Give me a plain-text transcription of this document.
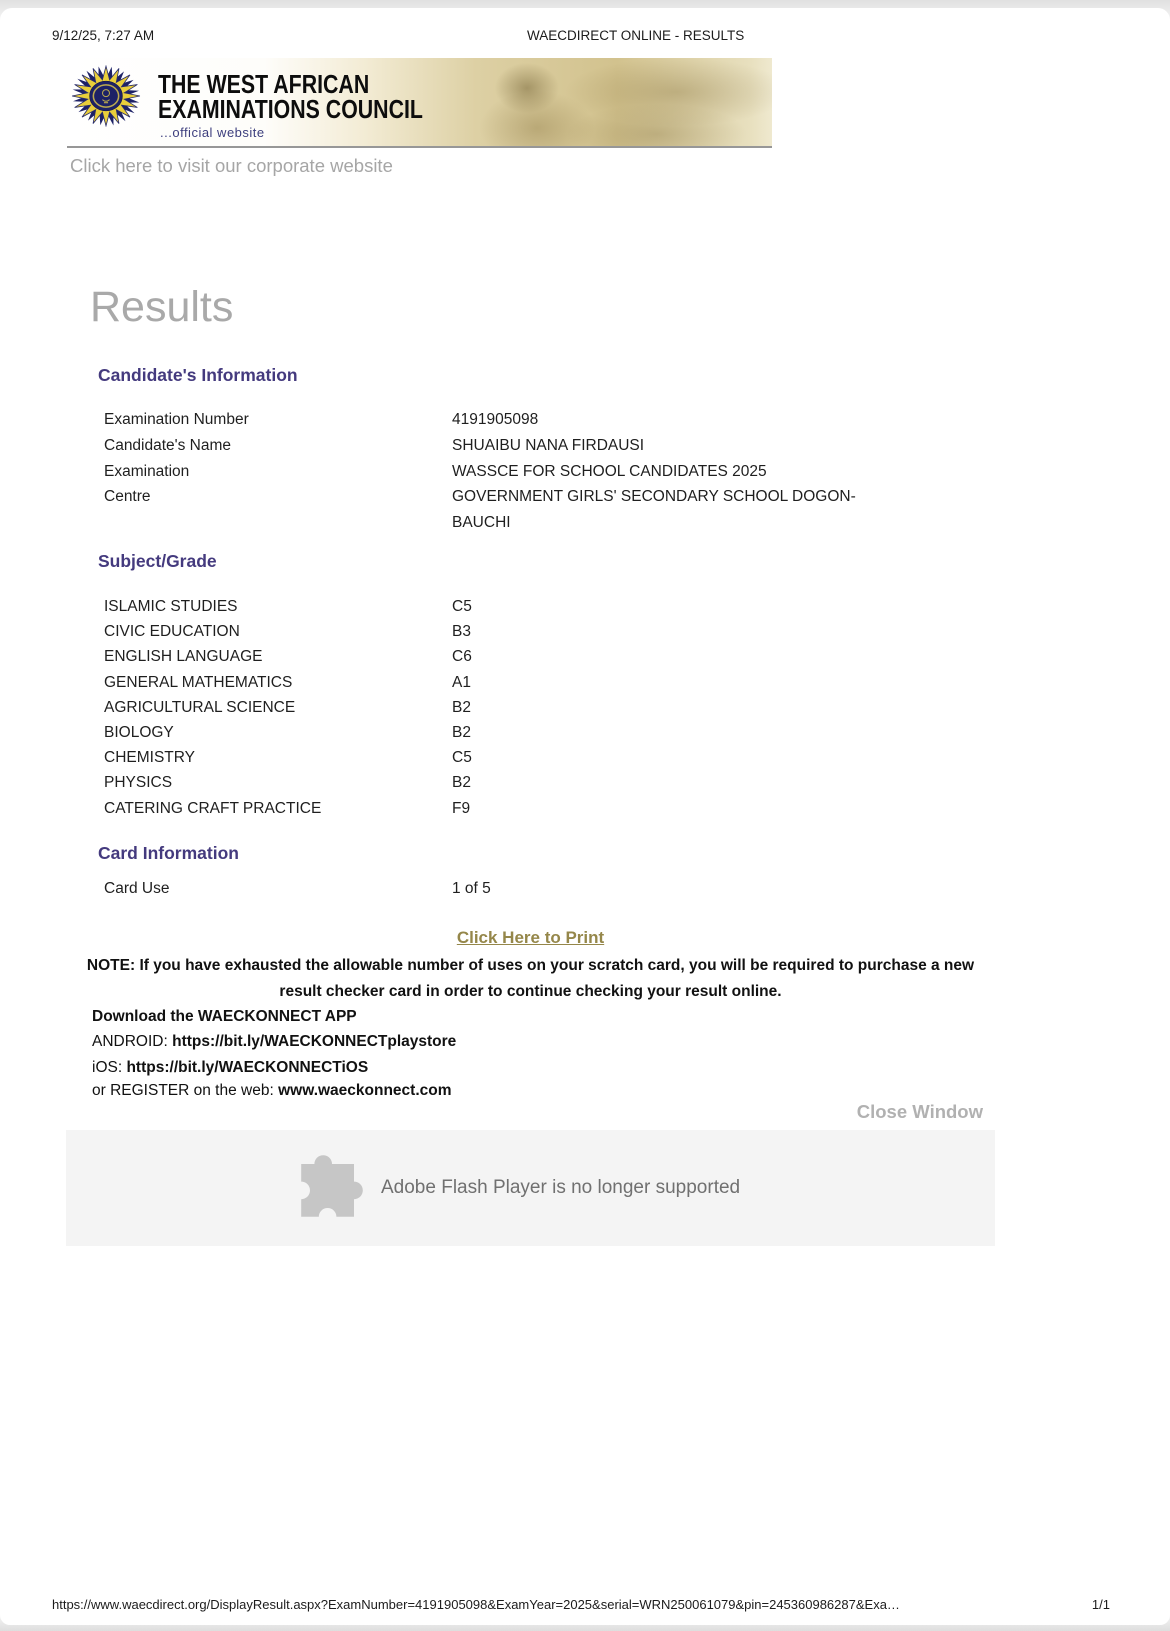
9/12/25, 7:27 AM	WAECDIRECT ONLINE - RESULTS
THE WEST AFRICAN
EXAMINATIONS COUNCIL
...official website
Click here to visit our corporate website
Results
Candidate's Information
Examination Number	4191905098
Candidate's Name	SHUAIBU NANA FIRDAUSI
Examination	WASSCE FOR SCHOOL CANDIDATES 2025
Centre	GOVERNMENT GIRLS' SECONDARY SCHOOL DOGON-BAUCHI
Subject/Grade
ISLAMIC STUDIES	C5
CIVIC EDUCATION	B3
ENGLISH LANGUAGE	C6
GENERAL MATHEMATICS	A1
AGRICULTURAL SCIENCE	B2
BIOLOGY	B2
CHEMISTRY	C5
PHYSICS	B2
CATERING CRAFT PRACTICE	F9
Card Information
Card Use	1 of 5
Click Here to Print
NOTE: If you have exhausted the allowable number of uses on your scratch card, you will be required to purchase a new result checker card in order to continue checking your result online.
Download the WAECKONNECT APP
ANDROID: https://bit.ly/WAECKONNECTplaystore
iOS: https://bit.ly/WAECKONNECTiOS
or REGISTER on the web: www.waeckonnect.com
Close Window
Adobe Flash Player is no longer supported
https://www.waecdirect.org/DisplayResult.aspx?ExamNumber=4191905098&ExamYear=2025&serial=WRN250061079&pin=245360986287&Exa…	1/1
